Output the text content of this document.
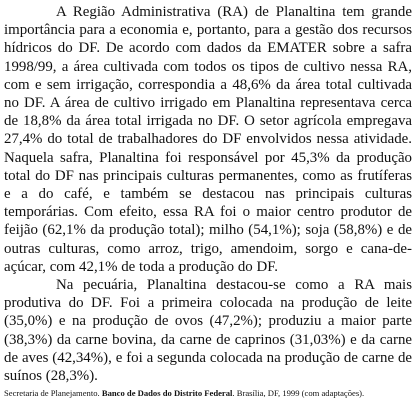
A Região Administrativa (RA) de Planaltina tem grande importância para a economia e, portanto, para a gestão dos recursos hídricos do DF. De acordo com dados da EMATER sobre a safra 1998/99, a área cultivada com todos os tipos de cultivo nessa RA, com e sem irrigação, correspondia a 48,6% da área total cultivada no DF. A área de cultivo irrigado em Planaltina representava cerca de 18,8% da área total irrigada no DF. O setor agrícola empregava 27,4% do total de trabalhadores do DF envolvidos nessa atividade. Naquela safra, Planaltina foi responsável por 45,3% da produção total do DF nas principais culturas permanentes, como as frutíferas e a do café, e também se destacou nas principais culturas temporárias. Com efeito, essa RA foi o maior centro produtor de feijão (62,1% da produção total); milho (54,1%); soja (58,8%) e de outras culturas, como arroz, trigo, amendoim, sorgo e cana-de-açúcar, com 42,1% de toda a produção do DF.

Na pecuária, Planaltina destacou-se como a RA mais produtiva do DF. Foi a primeira colocada na produção de leite (35,0%) e na produção de ovos (47,2%); produziu a maior parte (38,3%) da carne bovina, da carne de caprinos (31,03%) e da carne de aves (42,34%), e foi a segunda colocada na produção de carne de suínos (28,3%).

Secretaria de Planejamento. Banco de Dados do Distrito Federal. Brasília, DF, 1999 (com adaptações).
